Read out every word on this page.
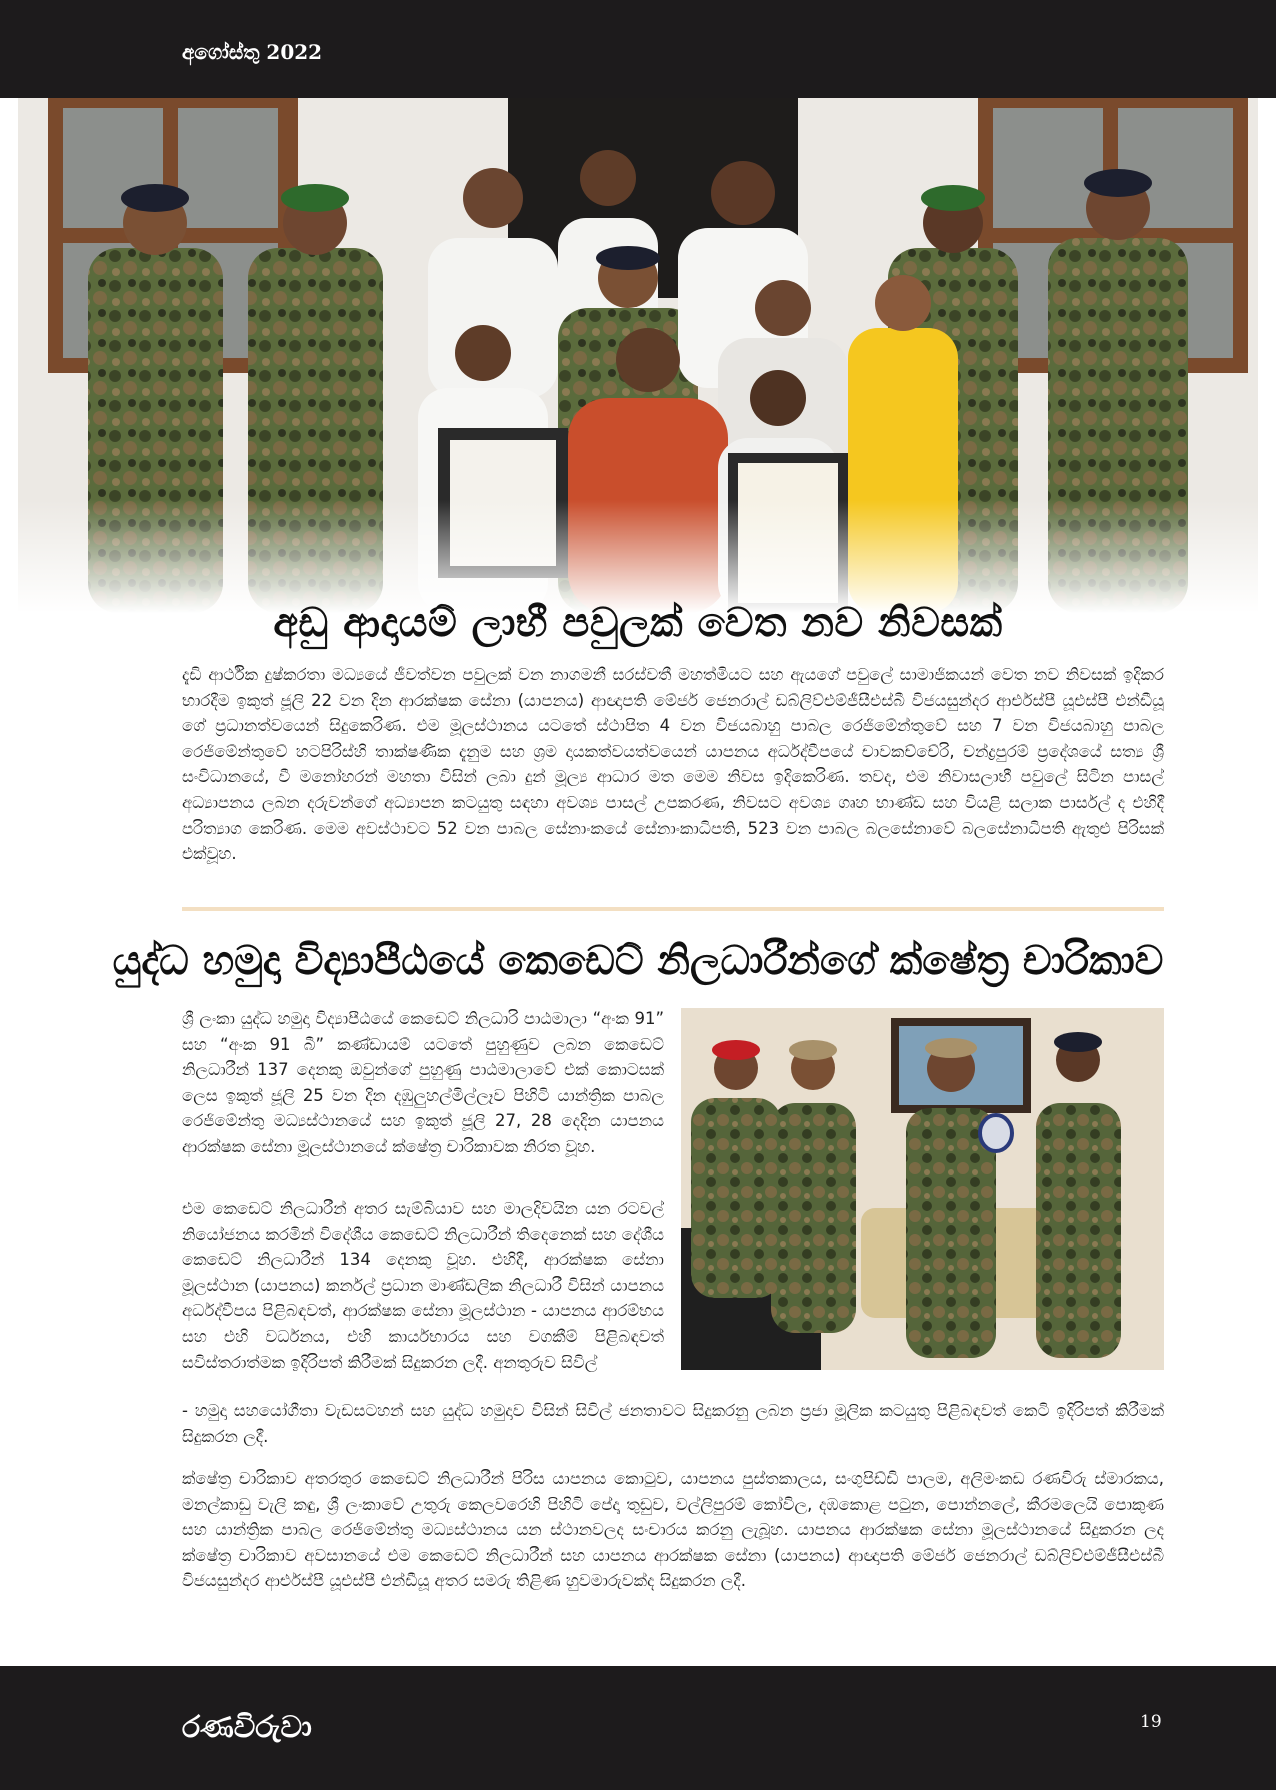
අගෝස්තු 2022
අඩු ආදායම් ලාභී පවුලක් වෙත නව නිවසක්
දැඩි ආර්ථික දුෂ්කරතා මධ්‍යයේ ජීවත්වන පවුලක් වන නාගමනී සරස්වතී මහත්මියට සහ ඇයගේ පවුලේ සාමාජිකයන් වෙත නව නිවසක් ඉදිකර භාරදීම ඉකුත් ජූලි 22 වන දින ආරක්ෂක සේනා (යාපනය) ආඥාපති මේජර් ජෙනරාල් ඩබ්ලිව්එම්ජීසීඑස්බී විජයසුන්දර ආර්එස්පී යූඑස්පී එන්ඩීයූ ගේ ප්‍රධානත්වයෙන් සිදුකෙරිණ. එම මූලස්ථානය යටතේ ස්ථාපිත 4 වන විජයබාහු පාබල රෙජිමේන්තුවේ සහ 7 වන විජයබාහු පාබල රෙජිමේන්තුවේ හටපිරිස්හි තාක්ෂණික දැනුම සහ ශ්‍රම දායකත්වයත්වයෙන් යාපනය අර්ධද්වීපයේ චාවකච්චේරි, චන්ද්‍රපුරම් ප්‍රදේශයේ සත්‍ය ශ්‍රී සංවිධානයේ, වී මනෝහරන් මහතා විසින් ලබා දුන් මූල්‍ය ආධාර මත මෙම නිවස ඉදිකෙරිණ. තවද, එම නිවාසලාභී පවුලේ සිටින පාසල් අධ්‍යාපනය ලබන දරුවන්ගේ අධ්‍යාපන කටයුතු සඳහා අවශ්‍ය පාසල් උපකරණ, නිවසට අවශ්‍ය ගෘහ භාණ්ඩ සහ වියළි සලාක පාර්සල් ද එහිදී පරිත්‍යාග කෙරිණ. මෙම අවස්ථාවට 52 වන පාබල සේනාංකයේ සේනාංකාධිපති, 523 වන පාබල බලසේනාවේ බලසේනාධිපති ඇතුළු පිරිසක් එක්වූහ.
යුද්ධ හමුදා විද්‍යාපීඨයේ කෙඩෙට් නිලධාරීන්ගේ ක්ෂේත්‍ර චාරිකාව
ශ්‍රී ලංකා යුද්ධ හමුදා විද්‍යාපීඨයේ කෙඩෙට් නිලධාරි පාඨමාලා “අංක 91” සහ “අංක 91 බී” කණ්ඩායම් යටතේ පුහුණුව ලබන කෙඩෙට් නිලධාරීන් 137 දෙනකු ඔවුන්ගේ පුහුණු පාඨමාලාවේ එක් කොටසක් ලෙස ඉකුත් ජූලි 25 වන දින දඹුලුහල්මිල්ලෑව පිහිටි යාන්ත්‍රික පාබල රෙජිමේන්තු මධ්‍යස්ථානයේ සහ ඉකුත් ජූලි 27, 28 දෙදින යාපනය ආරක්ෂක සේනා මූලස්ථානයේ ක්ෂේත්‍ර චාරිකාවක නිරත වූහ.
එම කෙඩෙට් නිලධාරීන් අතර සැම්බියාව සහ මාලදිවයින යන රටවල් නියෝජනය කරමින් විදේශීය කෙඩෙට් නිලධාරීන් තිදෙනෙක් සහ දේශීය කෙඩෙට් නිලධාරීන් 134 දෙනකු වූහ. එහිදී, ආරක්ෂක සේනා මූලස්ථාන (යාපනය) කර්නල් ප්‍රධාන මාණ්ඩලික නිලධාරී විසින් යාපනය අර්ධද්වීපය පිළිබඳවත්, ආරක්ෂක සේනා මූලස්ථාන - යාපනය ආරම්භය සහ එහි වර්ධනය, එහි කාර්යභාරය සහ වගකීම් පිළිබඳවත් සවිස්තරාත්මක ඉදිරිපත් කිරීමක් සිදුකරන ලදී. අනතුරුව සිවිල්
- හමුදා සහයෝගීතා වැඩසටහන් සහ යුද්ධ හමුදාව විසින් සිවිල් ජනතාවට සිදුකරනු ලබන ප්‍රජා මූලික කටයුතු පිළිබඳවත් කෙටි ඉදිරිපත් කිරීමක් සිදුකරන ලදී.
ක්ෂේත්‍ර චාරිකාව අතරතුර කෙඩෙට් නිලධාරීන් පිරිස යාපනය කොටුව, යාපනය පුස්තකාලය, සංගුපිඩ්ඩි පාලම, අලිමංකඩ රණවිරු ස්මාරකය, මනල්කාඩු වැලි කඳු, ශ්‍රී ලංකාවේ උතුරු කෙලවරෙහි පිහිටි පේද්‍රු තුඩුව, වල්ලිපුරම් කෝවිල, දඹකොළ පටුන, පොන්නලේ, කීරමලෙයි පොකුණ සහ යාන්ත්‍රික පාබල රෙජිමේන්තු මධ්‍යස්ථානය යන ස්ථානවලද සංචාරය කරනු ලැබූහ. යාපනය ආරක්ෂක සේනා මූලස්ථානයේ සිදුකරන ලද ක්ෂේත්‍ර චාරිකාව අවසානයේ එම කෙඩෙට් නිලධාරීන් සහ යාපනය ආරක්ෂක සේනා (යාපනය) ආඥාපති මේජර් ජෙනරාල් ඩබ්ලිව්එම්ජීසීඑස්බී විජයසුන්දර ආර්එස්පී යූඑස්පී එන්ඩීයූ අතර සමරු තිළිණ හුවමාරුවක්ද සිදුකරන ලදී.
රණවිරුවා	19
